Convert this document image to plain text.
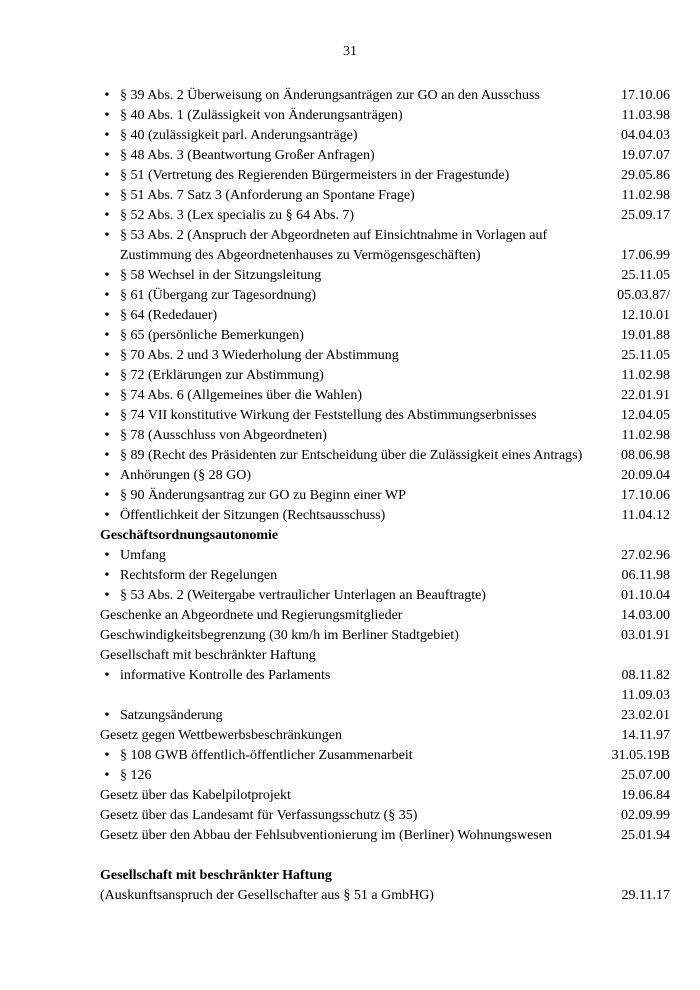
31
• § 39 Abs. 2 Überweisung on Änderungsanträgen zur GO an den Ausschuss	17.10.06
• § 40 Abs. 1 (Zulässigkeit von Änderungsanträgen)	11.03.98
• § 40 (zulässigkeit parl. Anderungsanträge)	04.04.03
• § 48 Abs. 3 (Beantwortung Großer Anfragen)	19.07.07
• § 51 (Vertretung des Regierenden Bürgermeisters in der Fragestunde)	29.05.86
• § 51 Abs. 7 Satz 3 (Anforderung an Spontane Frage)	11.02.98
• § 52 Abs. 3 (Lex specialis zu § 64 Abs. 7)	25.09.17
• § 53 Abs. 2 (Anspruch der Abgeordneten auf Einsichtnahme in Vorlagen auf Zustimmung des Abgeordnetenhauses zu Vermögensgeschäften)	17.06.99
• § 58 Wechsel in der Sitzungsleitung	25.11.05
• § 61 (Übergang zur Tagesordnung)	05.03.87/
• § 64 (Rededauer)	12.10.01
• § 65 (persönliche Bemerkungen)	19.01.88
• § 70 Abs. 2 und 3 Wiederholung der Abstimmung	25.11.05
• § 72 (Erklärungen zur Abstimmung)	11.02.98
• § 74 Abs. 6 (Allgemeines über die Wahlen)	22.01.91
• § 74 VII konstitutive Wirkung der Feststellung des Abstimmungserbnisses	12.04.05
• § 78 (Ausschluss von Abgeordneten)	11.02.98
• § 89 (Recht des Präsidenten zur Entscheidung über die Zulässigkeit eines Antrags)	08.06.98
• Anhörungen (§ 28 GO)	20.09.04
• § 90 Änderungsantrag zur GO zu Beginn einer WP	17.10.06
• Öffentlichkeit der Sitzungen (Rechtsausschuss)	11.04.12
Geschäftsordnungsautonomie
• Umfang	27.02.96
• Rechtsform der Regelungen	06.11.98
• § 53 Abs. 2 (Weitergabe vertraulicher Unterlagen an Beauftragte)	01.10.04
Geschenke an Abgeordnete und Regierungsmitglieder	14.03.00
Geschwindigkeitsbegrenzung (30 km/h im Berliner Stadtgebiet)	03.01.91
Gesellschaft mit beschränkter Haftung
• informative Kontrolle des Parlaments	08.11.82
11.09.03
• Satzungsänderung	23.02.01
Gesetz gegen Wettbewerbsbeschränkungen	14.11.97
• § 108 GWB öffentlich-öffentlicher Zusammenarbeit	31.05.19B
• § 126	25.07.00
Gesetz über das Kabelpilotprojekt	19.06.84
Gesetz über das Landesamt für Verfassungsschutz (§ 35)	02.09.99
Gesetz über den Abbau der Fehlsubventionierung im (Berliner) Wohnungswesen	25.01.94
Gesellschaft mit beschränkter Haftung
(Auskunftsanspruch der Gesellschafter aus § 51 a GmbHG)	29.11.17
